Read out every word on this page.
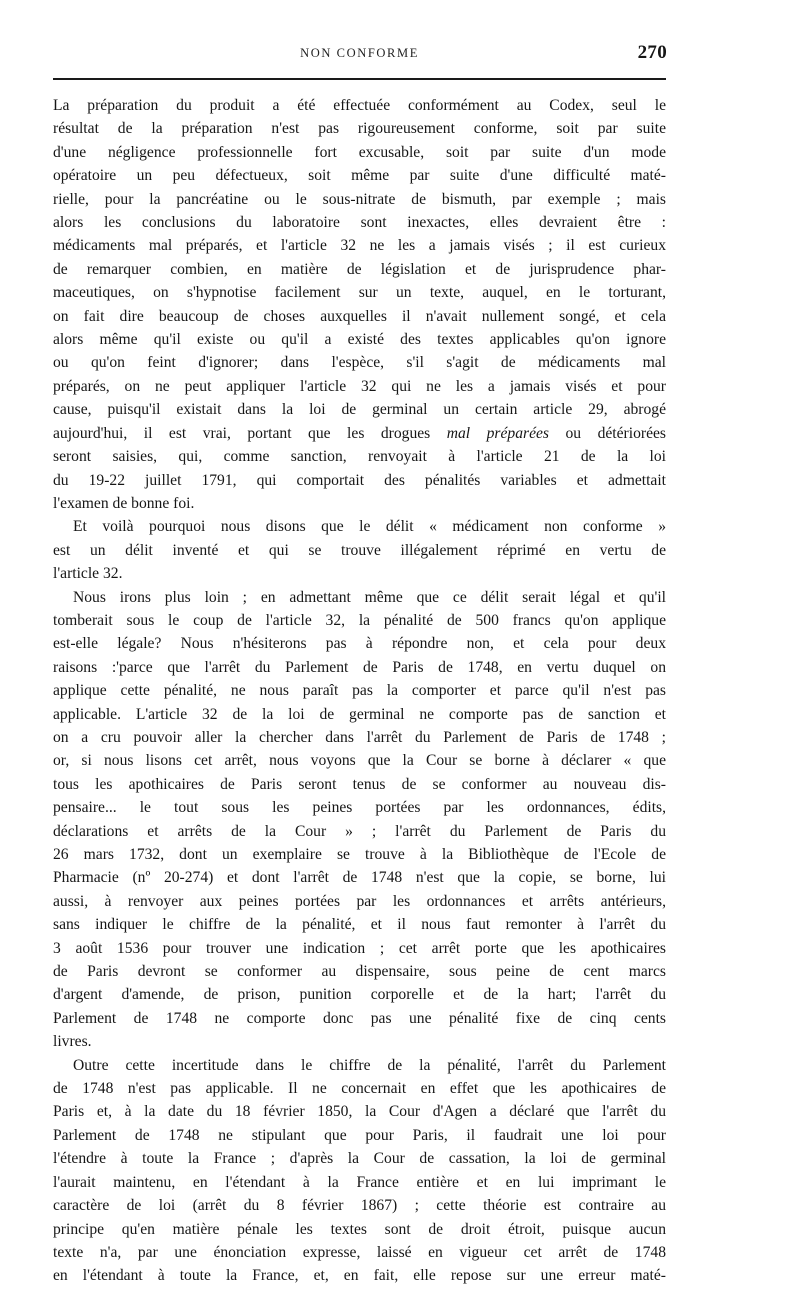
NON CONFORME	270

La préparation du produit a été effectuée conformément au Codex, seul le
résultat de la préparation n'est pas rigoureusement conforme, soit par suite
d'une négligence professionnelle fort excusable, soit par suite d'un mode
opératoire un peu défectueux, soit même par suite d'une difficulté maté-
rielle, pour la pancréatine ou le sous-nitrate de bismuth, par exemple ; mais
alors les conclusions du laboratoire sont inexactes, elles devraient être :
médicaments mal préparés, et l'article 32 ne les a jamais visés ; il est curieux
de remarquer combien, en matière de législation et de jurisprudence phar-
maceutiques, on s'hypnotise facilement sur un texte, auquel, en le torturant,
on fait dire beaucoup de choses auxquelles il n'avait nullement songé, et cela
alors même qu'il existe ou qu'il a existé des textes applicables qu'on ignore
ou qu'on feint d'ignorer; dans l'espèce, s'il s'agit de médicaments mal
préparés, on ne peut appliquer l'article 32 qui ne les a jamais visés et pour
cause, puisqu'il existait dans la loi de germinal un certain article 29, abrogé
aujourd'hui, il est vrai, portant que les drogues mal préparées ou détériorées
seront saisies, qui, comme sanction, renvoyait à l'article 21 de la loi
du 19-22 juillet 1791, qui comportait des pénalités variables et admettait
l'examen de bonne foi.

Et voilà pourquoi nous disons que le délit « médicament non conforme »
est un délit inventé et qui se trouve illégalement réprimé en vertu de
l'article 32.

Nous irons plus loin ; en admettant même que ce délit serait légal et qu'il
tomberait sous le coup de l'article 32, la pénalité de 500 francs qu'on applique
est-elle légale? Nous n'hésiterons pas à répondre non, et cela pour deux
raisons :'parce que l'arrêt du Parlement de Paris de 1748, en vertu duquel on
applique cette pénalité, ne nous paraît pas la comporter et parce qu'il n'est pas
applicable. L'article 32 de la loi de germinal ne comporte pas de sanction et
on a cru pouvoir aller la chercher dans l'arrêt du Parlement de Paris de 1748 ;
or, si nous lisons cet arrêt, nous voyons que la Cour se borne à déclarer « que
tous les apothicaires de Paris seront tenus de se conformer au nouveau dis-
pensaire... le tout sous les peines portées par les ordonnances, édits,
déclarations et arrêts de la Cour » ; l'arrêt du Parlement de Paris du
26 mars 1732, dont un exemplaire se trouve à la Bibliothèque de l'Ecole de
Pharmacie (nº 20-274) et dont l'arrêt de 1748 n'est que la copie, se borne, lui
aussi, à renvoyer aux peines portées par les ordonnances et arrêts antérieurs,
sans indiquer le chiffre de la pénalité, et il nous faut remonter à l'arrêt du
3 août 1536 pour trouver une indication ; cet arrêt porte que les apothicaires
de Paris devront se conformer au dispensaire, sous peine de cent marcs
d'argent d'amende, de prison, punition corporelle et de la hart; l'arrêt du
Parlement de 1748 ne comporte donc pas une pénalité fixe de cinq cents
livres.

Outre cette incertitude dans le chiffre de la pénalité, l'arrêt du Parlement
de 1748 n'est pas applicable. Il ne concernait en effet que les apothicaires de
Paris et, à la date du 18 février 1850, la Cour d'Agen a déclaré que l'arrêt du
Parlement de 1748 ne stipulant que pour Paris, il faudrait une loi pour
l'étendre à toute la France ; d'après la Cour de cassation, la loi de germinal
l'aurait maintenu, en l'étendant à la France entière et en lui imprimant le
caractère de loi (arrêt du 8 février 1867) ; cette théorie est contraire au
principe qu'en matière pénale les textes sont de droit étroit, puisque aucun
texte n'a, par une énonciation expresse, laissé en vigueur cet arrêt de 1748
en l'étendant à toute la France, et, en fait, elle repose sur une erreur maté-
